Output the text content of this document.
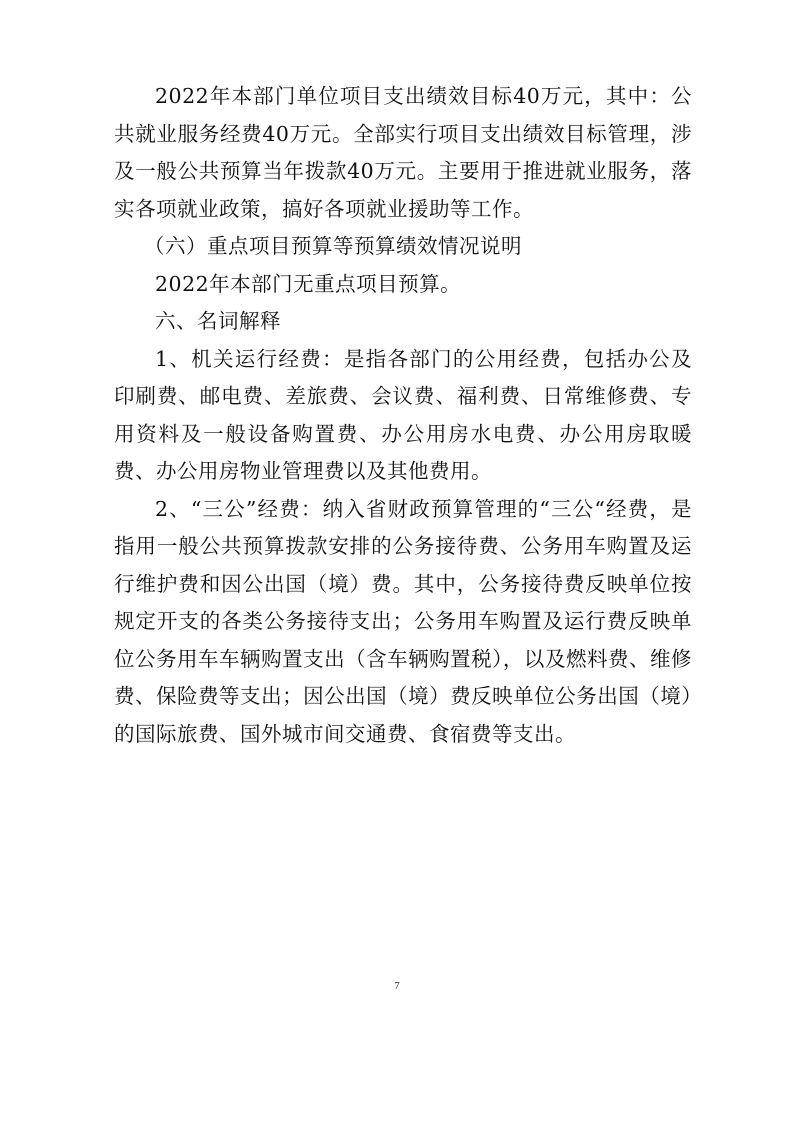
2022年本部门单位项目支出绩效目标40万元，其中：公共就业服务经费40万元。全部实行项目支出绩效目标管理，涉及一般公共预算当年拨款40万元。主要用于推进就业服务，落实各项就业政策，搞好各项就业援助等工作。

（六）重点项目预算等预算绩效情况说明

2022年本部门无重点项目预算。

六、名词解释

1、机关运行经费：是指各部门的公用经费，包括办公及印刷费、邮电费、差旅费、会议费、福利费、日常维修费、专用资料及一般设备购置费、办公用房水电费、办公用房取暖费、办公用房物业管理费以及其他费用。

2、“三公”经费：纳入省财政预算管理的“三公“经费，是指用一般公共预算拨款安排的公务接待费、公务用车购置及运行维护费和因公出国（境）费。其中，公务接待费反映单位按规定开支的各类公务接待支出；公务用车购置及运行费反映单位公务用车车辆购置支出（含车辆购置税），以及燃料费、维修费、保险费等支出；因公出国（境）费反映单位公务出国（境）的国际旅费、国外城市间交通费、食宿费等支出。

7
